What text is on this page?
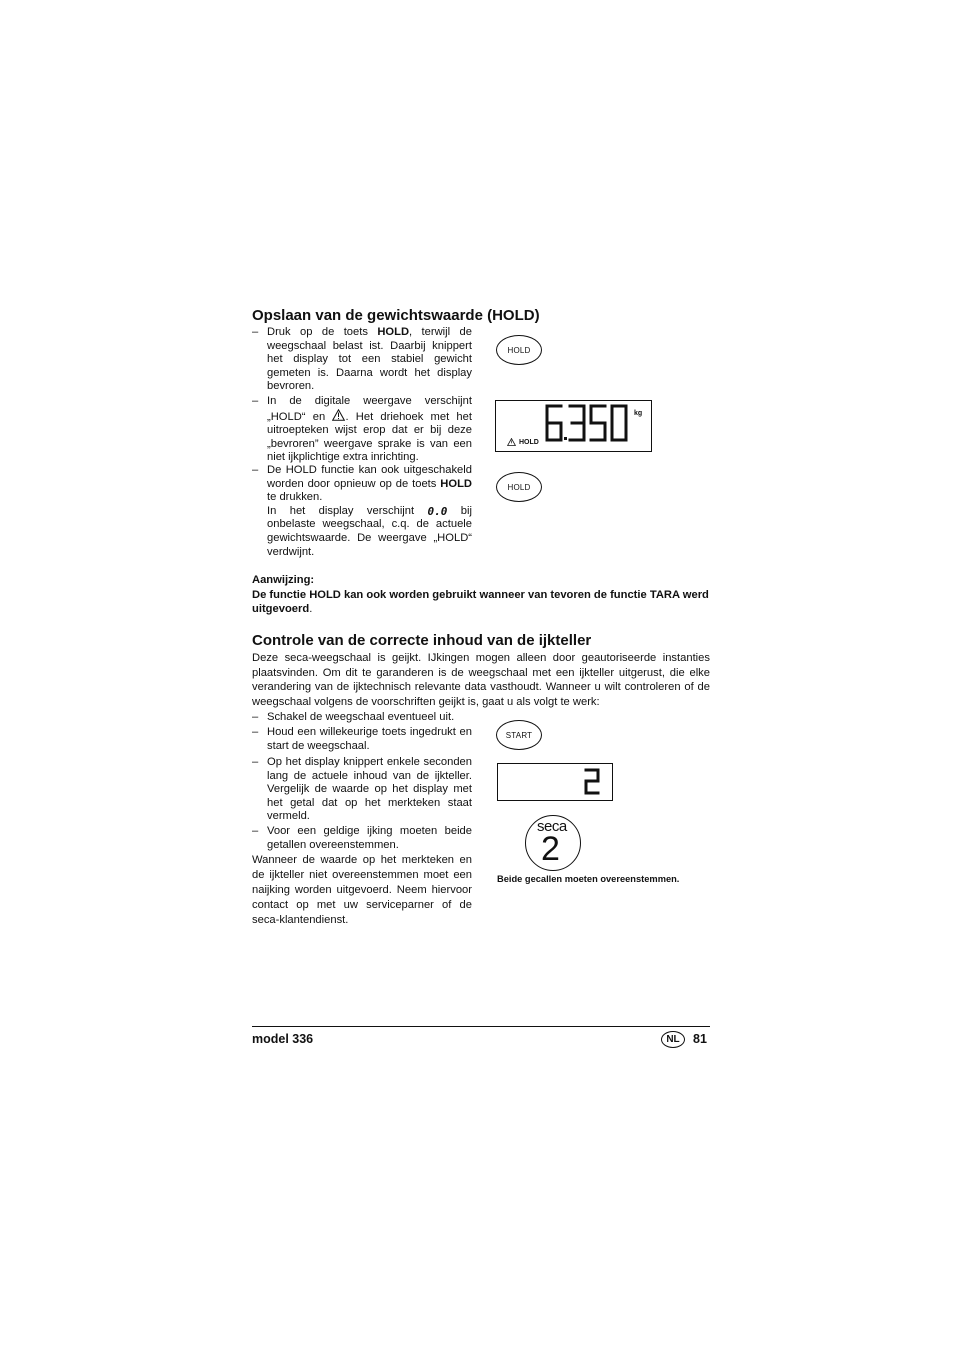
Opslaan van de gewichtswaarde (HOLD)
– Druk op de toets HOLD, terwijl de weegschaal belast ist. Daarbij knippert het display tot een stabiel gewicht gemeten is. Daarna wordt het display bevroren.
– In de digitale weergave verschijnt „HOLD“ en . Het driehoek met het uitroepteken wijst erop dat er bij deze „bevroren” weergave sprake is van een niet ijkplichtige extra inrichting.
– De HOLD functie kan ook uitgeschakeld worden door opnieuw op de toets HOLD te drukken.
In het display verschijnt 0.0 bij onbelaste weegschaal, c.q. de actuele gewichtswaarde. De weergave „HOLD“ verdwijnt.
HOLD
kg
HOLD
HOLD
Aanwijzing:
De functie HOLD kan ook worden gebruikt wanneer van tevoren de functie TARA werd uitgevoerd.
Controle van de correcte inhoud van de ijkteller
Deze seca-weegschaal is geijkt. IJkingen mogen alleen door geautoriseerde instanties plaatsvinden. Om dit te garanderen is de weegschaal met een ijkteller uitgerust, die elke verandering van de ijktechnisch relevante data vasthoudt. Wanneer u wilt controleren of de weegschaal volgens de voorschriften geijkt is, gaat u als volgt te werk:
– Schakel de weegschaal eventueel uit.
– Houd een willekeurige toets ingedrukt en start de weegschaal.
– Op het display knippert enkele seconden lang de actuele inhoud van de ijkteller. Vergelijk de waarde op het display met het getal dat op het merkteken staat vermeld.
– Voor een geldige ijking moeten beide getallen overeenstemmen.
Wanneer de waarde op het merkteken en de ijkteller niet overeenstemmen moet een naijking worden uitgevoerd. Neem hiervoor contact op met uw serviceparner of de seca-klantendienst.
START
seca
2
Beide gecallen moeten overeenstemmen.
model 336	NL 81
